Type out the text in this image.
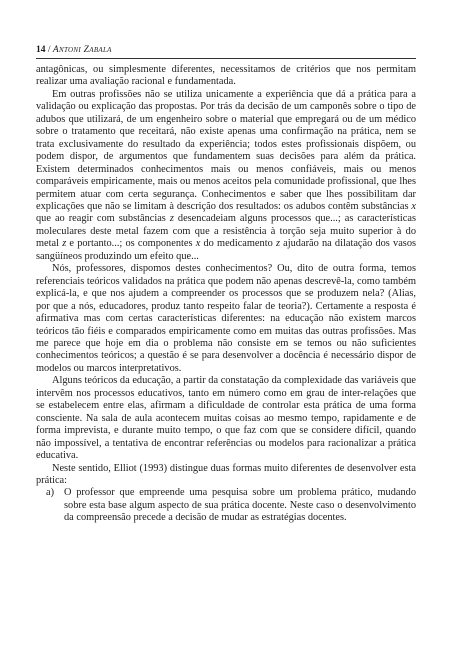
14 / Antoni Zabala

antagônicas, ou simplesmente diferentes, necessitamos de critérios que nos permitam realizar uma avaliação racional e fundamentada.

Em outras profissões não se utiliza unicamente a experiência que dá a prática para a validação ou explicação das propostas. Por trás da decisão de um camponês sobre o tipo de adubos que utilizará, de um engenheiro sobre o material que empregará ou de um médico sobre o tratamento que receitará, não existe apenas uma confirmação na prática, nem se trata exclusivamente do resultado da experiência; todos estes profissionais dispõem, ou podem dispor, de argumentos que fundamentem suas decisões para além da prática. Existem determinados conhecimentos mais ou menos confiáveis, mais ou menos comparáveis empiricamente, mais ou menos aceitos pela comunidade profissional, que lhes permitem atuar com certa segurança. Conhecimentos e saber que lhes possibilitam dar explicações que não se limitam à descrição dos resultados: os adubos contêm substâncias x que ao reagir com substâncias z desencadeiam alguns processos que...; as características moleculares deste metal fazem com que a resistência à torção seja muito superior à do metal z e portanto...; os componentes x do medicamento z ajudarão na dilatação dos vasos sangüíneos produzindo um efeito que...

Nós, professores, dispomos destes conhecimentos? Ou, dito de outra forma, temos referenciais teóricos validados na prática que podem não apenas descrevê-la, como também explicá-la, e que nos ajudem a compreender os processos que se produzem nela? (Alias, por que a nós, educadores, produz tanto respeito falar de teoria?). Certamente a resposta é afirmativa mas com certas características diferentes: na educação não existem marcos teóricos tão fiéis e comparados empiricamente como em muitas das outras profissões. Mas me parece que hoje em dia o problema não consiste em se temos ou não suficientes conhecimentos teóricos; a questão é se para desenvolver a docência é necessário dispor de modelos ou marcos interpretativos.

Alguns teóricos da educação, a partir da constatação da complexidade das variáveis que intervêm nos processos educativos, tanto em número como em grau de inter-relações que se estabelecem entre elas, afirmam a dificuldade de controlar esta prática de uma forma consciente. Na sala de aula acontecem muitas coisas ao mesmo tempo, rapidamente e de forma imprevista, e durante muito tempo, o que faz com que se considere difícil, quando não impossível, a tentativa de encontrar referências ou modelos para racionalizar a prática educativa.

Neste sentido, Elliot (1993) distingue duas formas muito diferentes de desenvolver esta prática:

a) O professor que empreende uma pesquisa sobre um problema prático, mudando sobre esta base algum aspecto de sua prática docente. Neste caso o desenvolvimento da compreensão precede a decisão de mudar as estratégias docentes.
